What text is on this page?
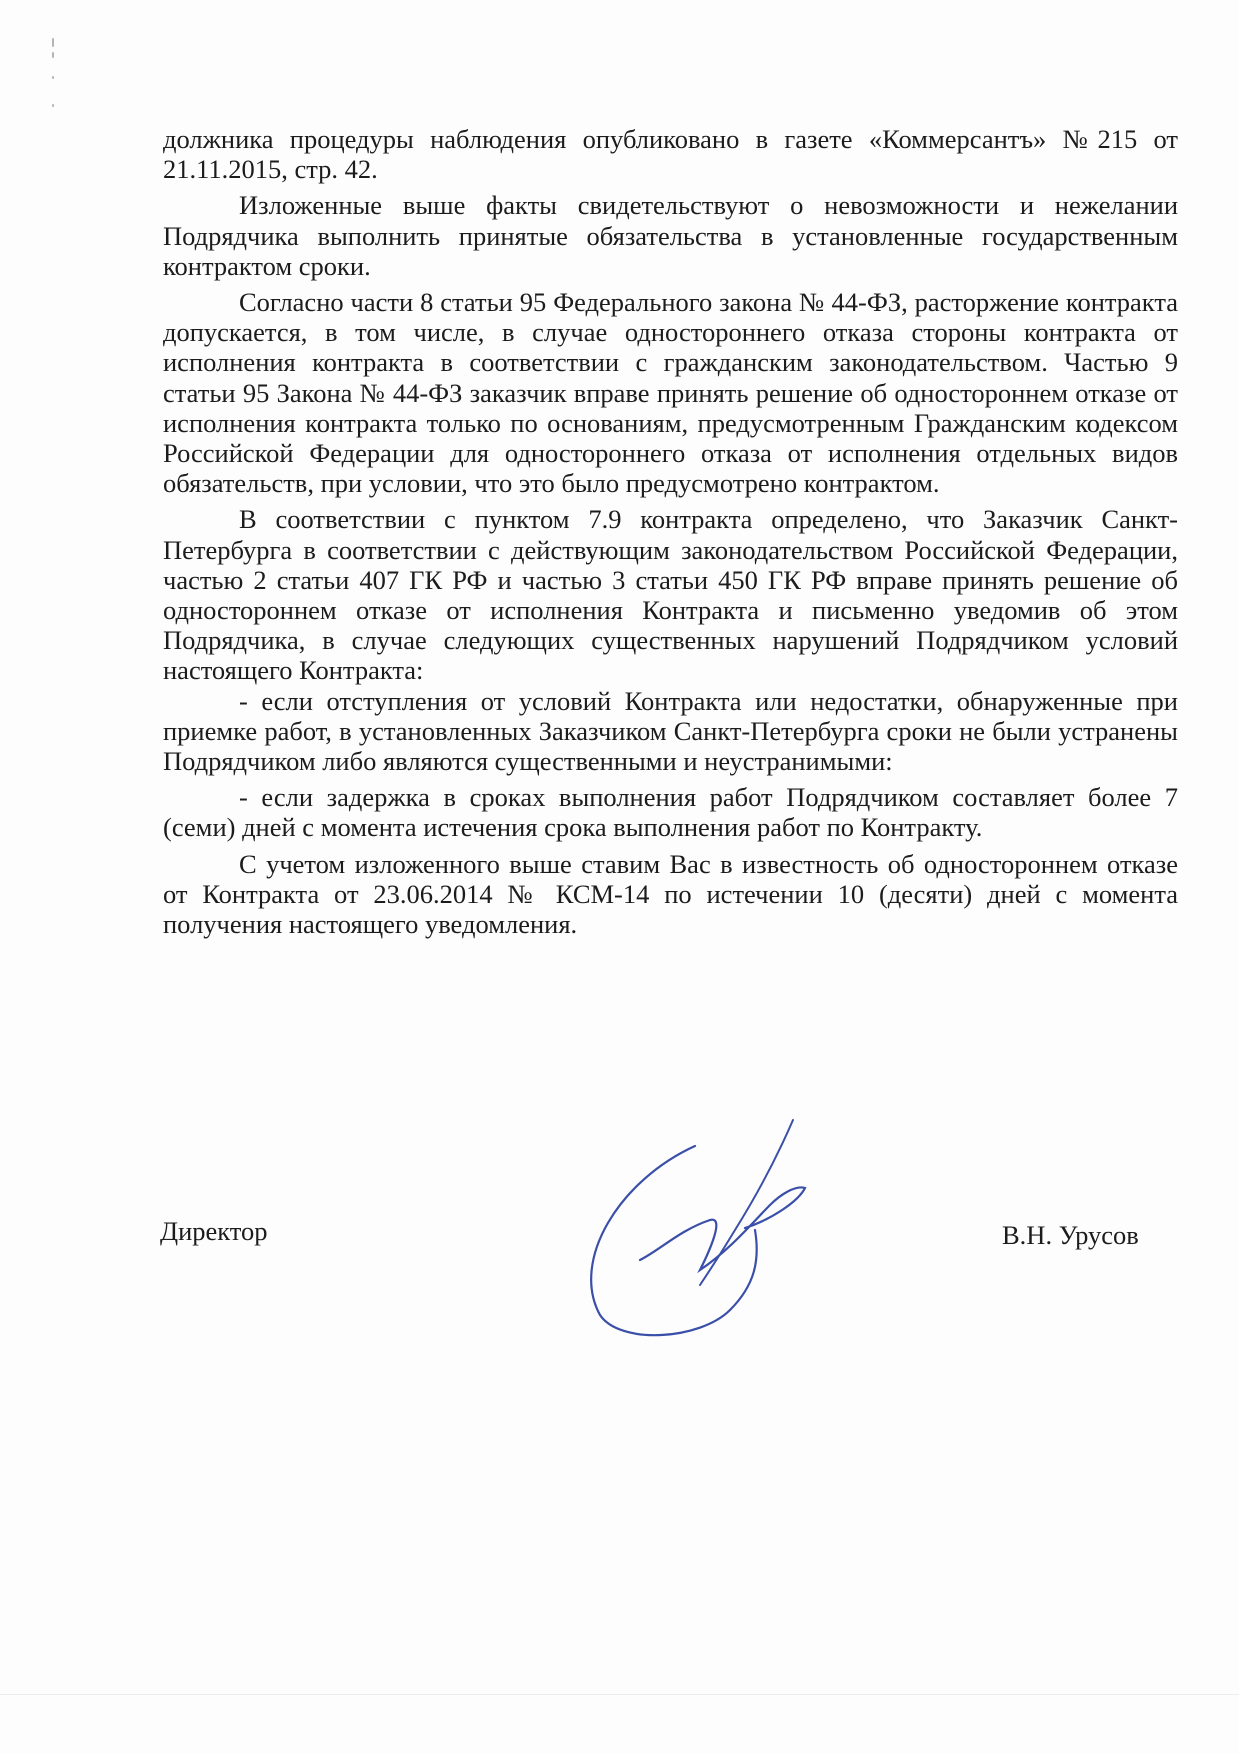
должника процедуры наблюдения опубликовано в газете «Коммерсантъ» №215 от 21.11.2015, стр. 42.

Изложенные выше факты свидетельствуют о невозможности и нежелании Подрядчика выполнить принятые обязательства в установленные государственным контрактом сроки.

Согласно части 8 статьи 95 Федерального закона № 44-ФЗ, расторжение контракта допускается, в том числе, в случае одностороннего отказа стороны контракта от исполнения контракта в соответствии с гражданским законодательством. Частью 9 статьи 95 Закона № 44-ФЗ заказчик вправе принять решение об одностороннем отказе от исполнения контракта только по основаниям, предусмотренным Гражданским кодексом Российской Федерации для одностороннего отказа от исполнения отдельных видов обязательств, при условии, что это было предусмотрено контрактом.

В соответствии с пунктом 7.9 контракта определено, что Заказчик Санкт-Петербурга в соответствии с действующим законодательством Российской Федерации, частью 2 статьи 407 ГК РФ и частью 3 статьи 450 ГК РФ вправе принять решение об одностороннем отказе от исполнения Контракта и письменно уведомив об этом Подрядчика, в случае следующих существенных нарушений Подрядчиком условий настоящего Контракта:

- если отступления от условий Контракта или недостатки, обнаруженные при приемке работ, в установленных Заказчиком Санкт-Петербурга сроки не были устранены Подрядчиком либо являются существенными и неустранимыми:

- если задержка в сроках выполнения работ Подрядчиком составляет более 7 (семи) дней с момента истечения срока выполнения работ по Контракту.

С учетом изложенного выше ставим Вас в известность об одностороннем отказе от Контракта от 23.06.2014 № КСМ-14 по истечении 10 (десяти) дней с момента получения настоящего уведомления.

Директор	В.Н. Урусов
